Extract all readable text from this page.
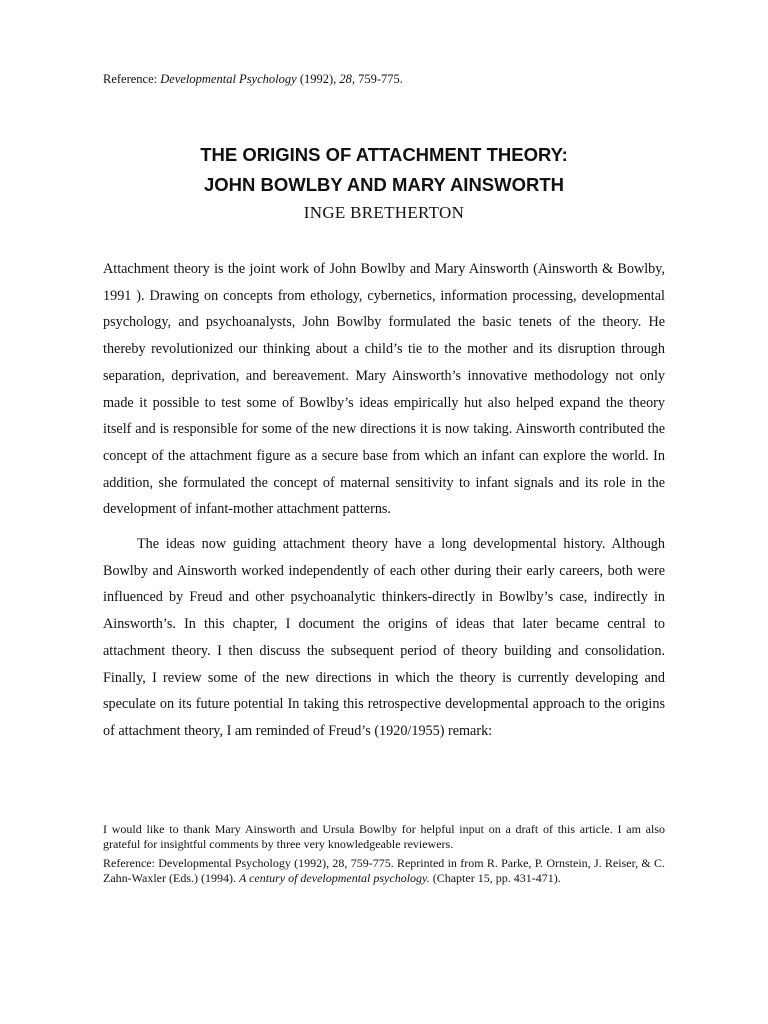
Reference: Developmental Psychology (1992), 28, 759-775.
THE ORIGINS OF ATTACHMENT THEORY:
JOHN BOWLBY AND MARY AINSWORTH
INGE BRETHERTON

Attachment theory is the joint work of John Bowlby and Mary Ainsworth (Ainsworth & Bowlby, 1991 ). Drawing on concepts from ethology, cybernetics, information processing, developmental psychology, and psychoanalysts, John Bowlby formulated the basic tenets of the theory. He thereby revolutionized our thinking about a child’s tie to the mother and its disruption through separation, deprivation, and bereavement. Mary Ainsworth’s innovative methodology not only made it possible to test some of Bowlby’s ideas empirically hut also helped expand the theory itself and is responsible for some of the new directions it is now taking. Ainsworth contributed the concept of the attachment figure as a secure base from which an infant can explore the world. In addition, she formulated the concept of maternal sensitivity to infant signals and its role in the development of infant-mother attachment patterns.

The ideas now guiding attachment theory have a long developmental history. Although Bowlby and Ainsworth worked independently of each other during their early careers, both were influenced by Freud and other psychoanalytic thinkers-directly in Bowlby’s case, indirectly in Ainsworth’s. In this chapter, I document the origins of ideas that later became central to attachment theory. I then discuss the subsequent period of theory building and consolidation. Finally, I review some of the new directions in which the theory is currently developing and speculate on its future potential In taking this retrospective developmental approach to the origins of attachment theory, I am reminded of Freud’s (1920/1955) remark:

I would like to thank Mary Ainsworth and Ursula Bowlby for helpful input on a draft of this article. I am also grateful for insightful comments by three very knowledgeable reviewers.

Reference: Developmental Psychology (1992), 28, 759-775. Reprinted in from R. Parke, P. Ornstein, J. Reiser, & C. Zahn-Waxler (Eds.) (1994). A century of developmental psychology. (Chapter 15, pp. 431-471).
